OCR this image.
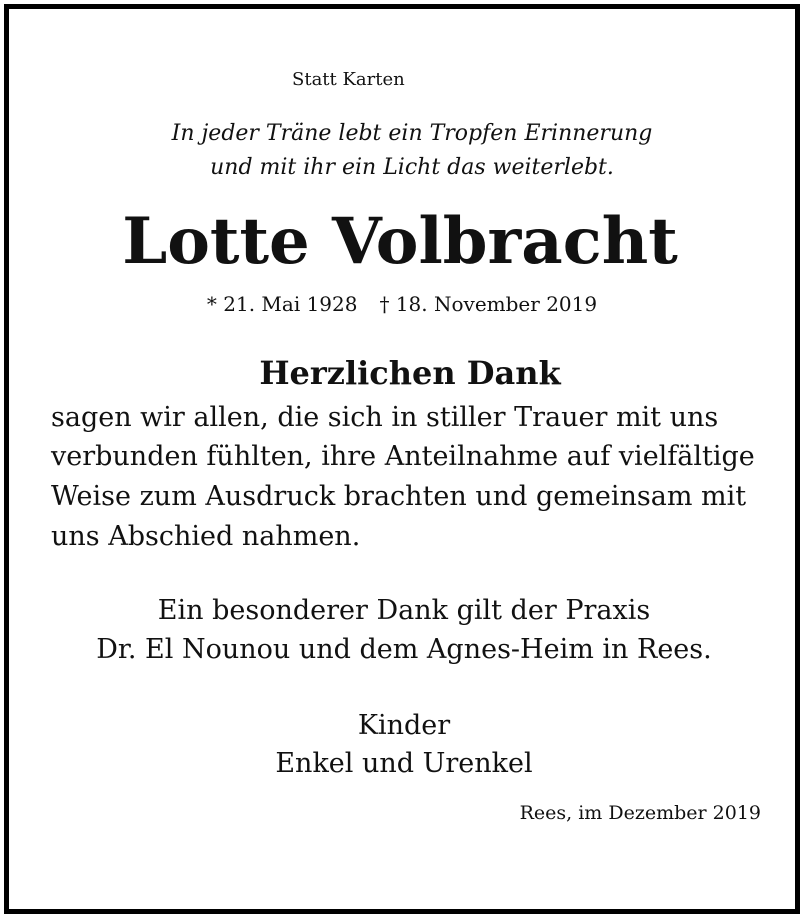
Statt Karten
In jeder Träne lebt ein Tropfen Erinnerung
und mit ihr ein Licht das weiterlebt.
Lotte Volbracht
* 21. Mai 1928 † 18. November 2019
Herzlichen Dank
sagen wir allen, die sich in stiller Trauer mit uns
verbunden fühlten, ihre Anteilnahme auf vielfältige
Weise zum Ausdruck brachten und gemeinsam mit
uns Abschied nahmen.
Ein besonderer Dank gilt der Praxis
Dr. El Nounou und dem Agnes-Heim in Rees.
Kinder
Enkel und Urenkel
Rees, im Dezember 2019
